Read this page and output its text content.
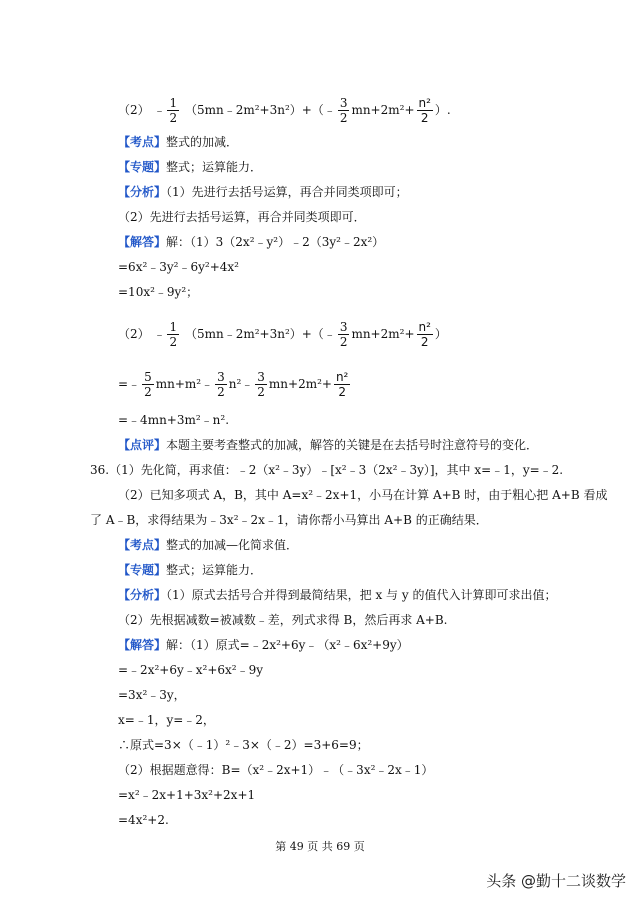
（2） ﹣ $\frac{1}{2}$ （5mn﹣2m²+3n²）+（﹣ $\frac{3}{2} mn+2m^2+ \frac{\text{n²}}{2}$ ）.
【考点】整式的加减．
【专题】整式；运算能力．
【分析】（1）先进行去括号运算，再合并同类项即可；
（2）先进行去括号运算，再合并同类项即可．
【解答】解：（1）3（2x²﹣y²）﹣2（3y²﹣2x²）
=6x²﹣3y²﹣6y²+4x²
=10x²﹣9y²；
（2） ﹣ $\frac{1}{2}$ （5mn﹣2m²+3n²）+（﹣ $\frac{3}{2} mn+2m^2+ \frac{\text{n²}}{2}$ ）
=﹣ $\frac{5}{2}$ mn+m²﹣ $\frac{3}{2}$ n²﹣ $\frac{3}{2} mn+2m^2+ \frac{\text{n²}}{2}$
=﹣4mn+3m²﹣n².
【点评】本题主要考查整式的加减，解答的关键是在去括号时注意符号的变化．
36.（1）先化简，再求值：﹣2（x²﹣3y）﹣[x²﹣3（2x²﹣3y）]，其中 x=﹣1，y=﹣2.
（2）已知多项式 A，B，其中 A=x²﹣2x+1，小马在计算 A+B 时，由于粗心把 A+B 看成
了 A﹣B，求得结果为﹣3x²﹣2x﹣1，请你帮小马算出 A+B 的正确结果．
【考点】整式的加减—化简求值．
【专题】整式；运算能力．
【分析】（1）原式去括号合并得到最简结果，把 x 与 y 的值代入计算即可求出值；
（2）先根据减数=被减数﹣差，列式求得 B，然后再求 A+B.
【解答】解：（1）原式=﹣2x²+6y﹣（x²﹣6x²+9y）
=﹣2x²+6y﹣x²+6x²﹣9y
=3x²﹣3y，
x=﹣1，y=﹣2，
∴原式=3×（﹣1）²﹣3×（﹣2）=3+6=9；
（2）根据题意得：B=（x²﹣2x+1）﹣（﹣3x²﹣2x﹣1）
=x²﹣2x+1+3x²+2x+1
=4x²+2.
第 49 页 共 69 页
头条 @勤十二谈数学
